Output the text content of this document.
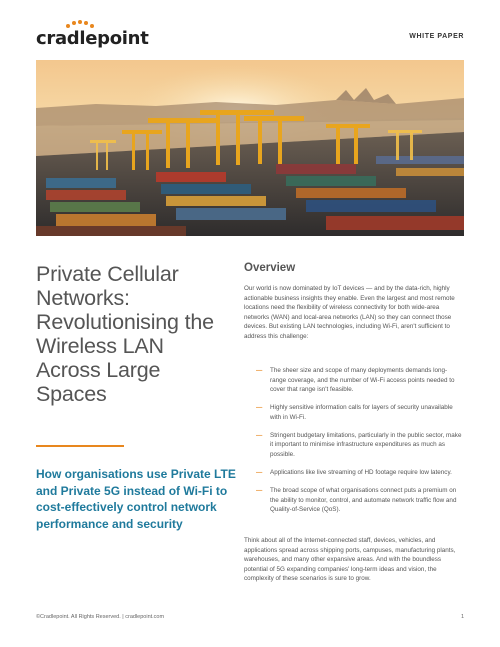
cradlepoint	WHITE PAPER
Private Cellular Networks: Revolutionising the Wireless LAN Across Large Spaces

How organisations use Private LTE and Private 5G instead of Wi-Fi to cost-effectively control network performance and security

Overview

Our world is now dominated by IoT devices — and by the data-rich, highly actionable business insights they enable. Even the largest and most remote locations need the flexibility of wireless connectivity for both wide-area networks (WAN) and local-area networks (LAN) so they can connect those devices. But existing LAN technologies, including Wi-Fi, aren't sufficient to address this challenge:

— The sheer size and scope of many deployments demands long-range coverage, and the number of Wi-Fi access points needed to cover that range isn't feasible.
— Highly sensitive information calls for layers of security unavailable with in Wi-Fi.
— Stringent budgetary limitations, particularly in the public sector, make it important to minimise infrastructure expenditures as much as possible.
— Applications like live streaming of HD footage require low latency.
— The broad scope of what organisations connect puts a premium on the ability to monitor, control, and automate network traffic flow and Quality-of-Service (QoS).

Think about all of the Internet-connected staff, devices, vehicles, and applications spread across shipping ports, campuses, manufacturing plants, warehouses, and many other expansive areas. And with the boundless potential of 5G expanding companies' long-term ideas and vision, the complexity of these scenarios is sure to grow.

©Cradlepoint. All Rights Reserved. | cradlepoint.com	1
